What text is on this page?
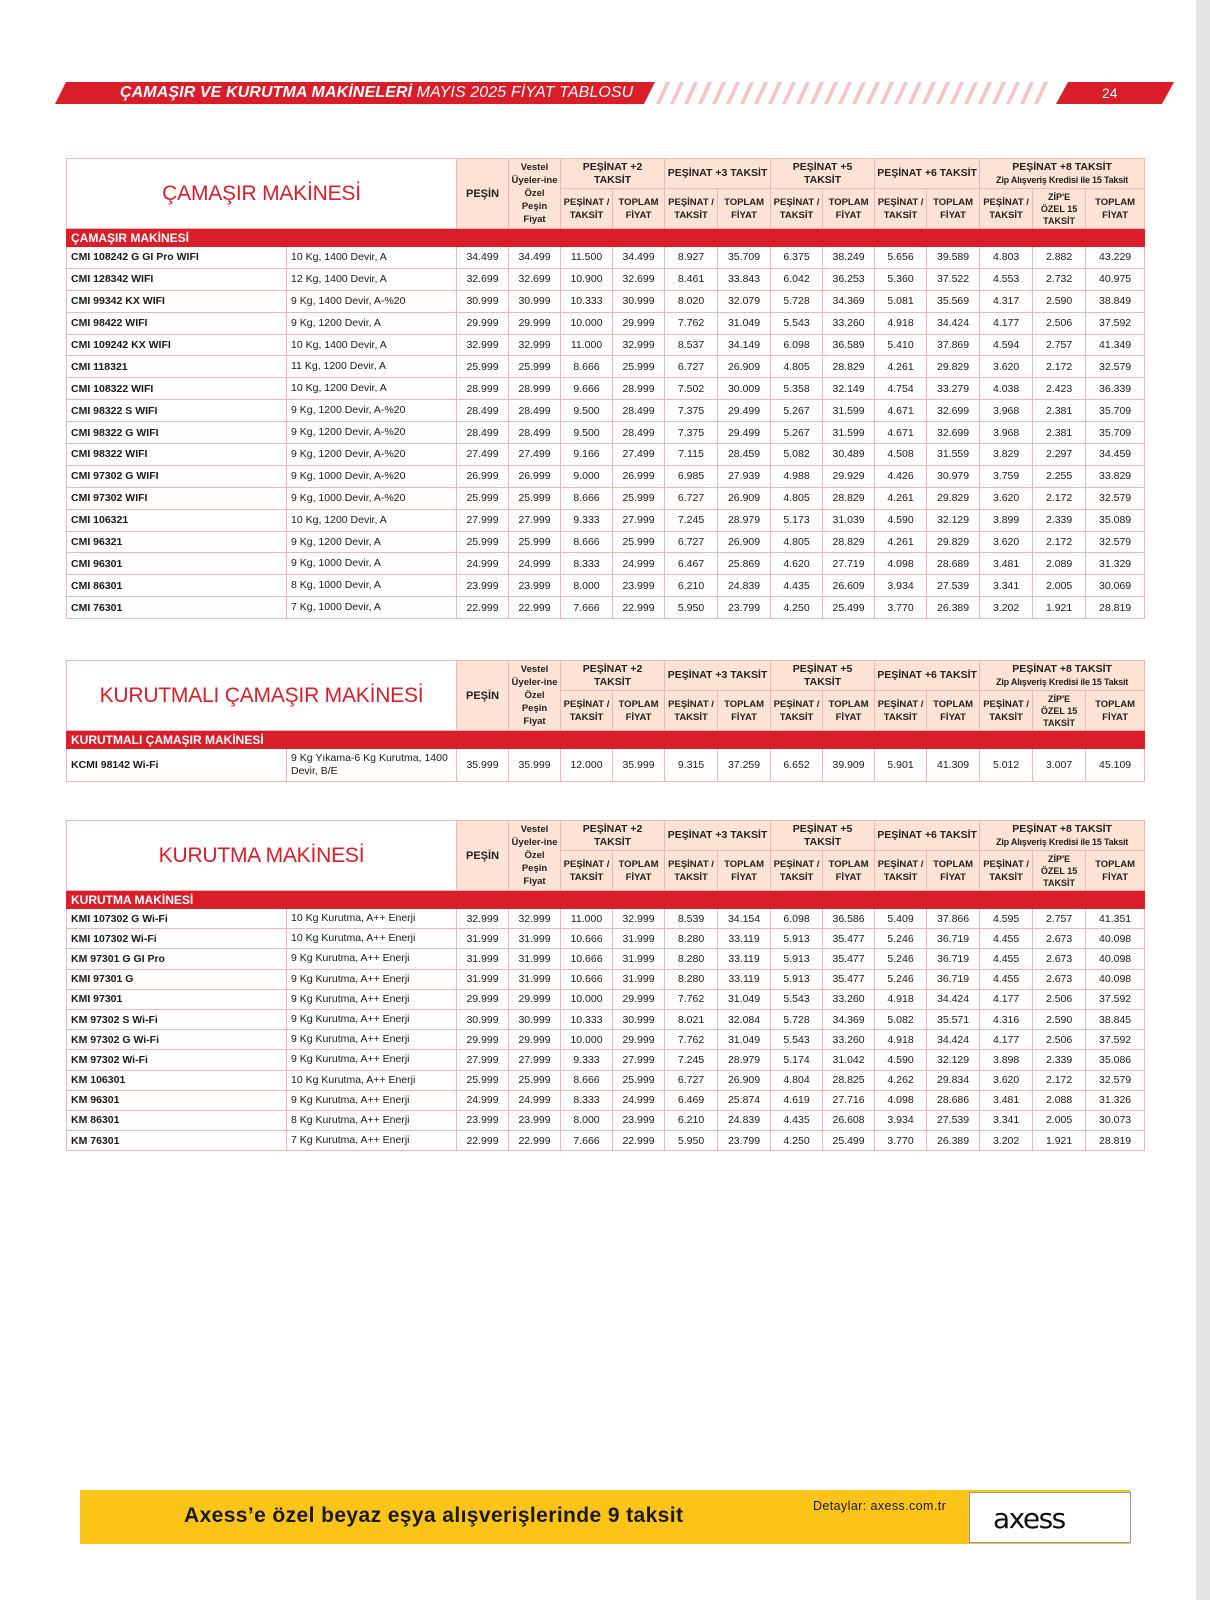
ÇAMAŞIR VE KURUTMA MAKİNELERİ MAYIS 2025 FİYAT TABLOSU	24
ÇAMAŞIR MAKİNESİ		PEŞİN	Vestel Üyeler-ine Özel Peşin Fiyat	PEŞİNAT +2 TAKSİT		PEŞİNAT +3 TAKSİT		PEŞİNAT +5 TAKSİT		PEŞİNAT +6 TAKSİT		PEŞİNAT +8 TAKSİT
Zip Alışveriş Kredisi ile 15 Taksit		

				PEŞİNAT / TAKSİT	TOPLAM FİYAT	PEŞİNAT / TAKSİT	TOPLAM FİYAT	PEŞİNAT / TAKSİT	TOPLAM FİYAT	PEŞİNAT / TAKSİT	TOPLAM FİYAT	PEŞİNAT / TAKSİT	ZİP'E ÖZEL 15 TAKSİT	TOPLAM FİYAT
ÇAMAŞIR MAKİNESİ														
CMI 108242 G GI Pro WIFI	10 Kg, 1400 Devir, A	34.499	34.499	11.500	34.499	8.927	35.709	6.375	38.249	5.656	39.589	4.803	2.882	43.229
CMI 128342 WIFI	12 Kg, 1400 Devir, A	32.699	32.699	10.900	32.699	8.461	33.843	6.042	36.253	5.360	37.522	4.553	2.732	40.975
CMI 99342 KX WIFI	9 Kg, 1400 Devir, A-%20	30.999	30.999	10.333	30.999	8.020	32.079	5.728	34.369	5.081	35.569	4.317	2.590	38.849
CMI 98422 WIFI	9 Kg, 1200 Devir, A	29.999	29.999	10.000	29.999	7.762	31.049	5.543	33.260	4.918	34.424	4.177	2.506	37.592
CMI 109242 KX WIFI	10 Kg, 1400 Devir, A	32.999	32.999	11.000	32.999	8.537	34.149	6.098	36.589	5.410	37.869	4.594	2.757	41.349
CMI 118321	11 Kg, 1200 Devir, A	25.999	25.999	8.666	25.999	6.727	26.909	4.805	28.829	4.261	29.829	3.620	2.172	32.579
CMI 108322 WIFI	10 Kg, 1200 Devir, A	28.999	28.999	9.666	28.999	7.502	30.009	5.358	32.149	4.754	33.279	4.038	2.423	36.339
CMI 98322 S WIFI	9 Kg, 1200 Devir, A-%20	28.499	28.499	9.500	28.499	7.375	29.499	5.267	31.599	4.671	32.699	3.968	2.381	35.709
CMI 98322 G WIFI	9 Kg, 1200 Devir, A-%20	28.499	28.499	9.500	28.499	7.375	29.499	5.267	31.599	4.671	32.699	3.968	2.381	35.709
CMI 98322 WIFI	9 Kg, 1200 Devir, A-%20	27.499	27.499	9.166	27.499	7.115	28.459	5.082	30.489	4.508	31.559	3.829	2.297	34.459
CMI 97302 G WIFI	9 Kg, 1000 Devir, A-%20	26.999	26.999	9.000	26.999	6.985	27.939	4.988	29.929	4.426	30.979	3.759	2.255	33.829
CMI 97302 WIFI	9 Kg, 1000 Devir, A-%20	25.999	25.999	8.666	25.999	6.727	26.909	4.805	28.829	4.261	29.829	3.620	2.172	32.579
CMI 106321	10 Kg, 1200 Devir, A	27.999	27.999	9.333	27.999	7.245	28.979	5.173	31.039	4.590	32.129	3.899	2.339	35.089
CMI 96321	9 Kg, 1200 Devir, A	25.999	25.999	8.666	25.999	6.727	26.909	4.805	28.829	4.261	29.829	3.620	2.172	32.579
CMI 96301	9 Kg, 1000 Devir, A	24.999	24.999	8.333	24.999	6.467	25.869	4.620	27.719	4.098	28.689	3.481	2.089	31.329
CMI 86301	8 Kg, 1000 Devir, A	23.999	23.999	8.000	23.999	6.210	24.839	4.435	26.609	3.934	27.539	3.341	2.005	30.069
CMI 76301	7 Kg, 1000 Devir, A	22.999	22.999	7.666	22.999	5.950	23.799	4.250	25.499	3.770	26.389	3.202	1.921	28.819
KURUTMALI ÇAMAŞIR MAKİNESİ		PEŞİN	Vestel Üyeler-ine Özel Peşin Fiyat	PEŞİNAT +2 TAKSİT		PEŞİNAT +3 TAKSİT		PEŞİNAT +5 TAKSİT		PEŞİNAT +6 TAKSİT		PEŞİNAT +8 TAKSİT
Zip Alışveriş Kredisi ile 15 Taksit		

				PEŞİNAT / TAKSİT	TOPLAM FİYAT	PEŞİNAT / TAKSİT	TOPLAM FİYAT	PEŞİNAT / TAKSİT	TOPLAM FİYAT	PEŞİNAT / TAKSİT	TOPLAM FİYAT	PEŞİNAT / TAKSİT	ZİP'E ÖZEL 15 TAKSİT	TOPLAM FİYAT
KURUTMALI ÇAMAŞIR MAKİNESİ														
KCMI 98142 Wi-Fi	9 Kg Yıkama-6 Kg Kurutma, 1400 Devir, B/E	35.999	35.999	12.000	35.999	9.315	37.259	6.652	39.909	5.901	41.309	5.012	3.007	45.109
KURUTMA MAKİNESİ		PEŞİN	Vestel Üyeler-ine Özel Peşin Fiyat	PEŞİNAT +2 TAKSİT		PEŞİNAT +3 TAKSİT		PEŞİNAT +5 TAKSİT		PEŞİNAT +6 TAKSİT		PEŞİNAT +8 TAKSİT
Zip Alışveriş Kredisi ile 15 Taksit		

				PEŞİNAT / TAKSİT	TOPLAM FİYAT	PEŞİNAT / TAKSİT	TOPLAM FİYAT	PEŞİNAT / TAKSİT	TOPLAM FİYAT	PEŞİNAT / TAKSİT	TOPLAM FİYAT	PEŞİNAT / TAKSİT	ZİP'E ÖZEL 15 TAKSİT	TOPLAM FİYAT
KURUTMA MAKİNESİ														
KMI 107302 G Wi-Fi	10 Kg Kurutma, A++ Enerji	32.999	32.999	11.000	32.999	8.539	34.154	6.098	36.586	5.409	37.866	4.595	2.757	41.351
KMI 107302 Wi-Fi	10 Kg Kurutma, A++ Enerji	31.999	31.999	10.666	31.999	8.280	33.119	5.913	35.477	5.246	36.719	4.455	2.673	40.098
KM 97301 G GI Pro	9 Kg Kurutma, A++ Enerji	31.999	31.999	10.666	31.999	8.280	33.119	5.913	35.477	5.246	36.719	4.455	2.673	40.098
KMI 97301 G	9 Kg Kurutma, A++ Enerji	31.999	31.999	10.666	31.999	8.280	33.119	5.913	35.477	5.246	36.719	4.455	2.673	40.098
KMI 97301	9 Kg Kurutma, A++ Enerji	29.999	29.999	10.000	29.999	7.762	31.049	5.543	33.260	4.918	34.424	4.177	2.506	37.592
KM 97302 S Wi-Fi	9 Kg Kurutma, A++ Enerji	30.999	30.999	10.333	30.999	8.021	32.084	5.728	34.369	5.082	35.571	4.316	2.590	38.845
KM 97302 G Wi-Fi	9 Kg Kurutma, A++ Enerji	29.999	29.999	10.000	29.999	7.762	31.049	5.543	33.260	4.918	34.424	4.177	2.506	37.592
KM 97302 Wi-Fi	9 Kg Kurutma, A++ Enerji	27.999	27.999	9.333	27.999	7.245	28.979	5.174	31.042	4.590	32.129	3.898	2.339	35.086
KM 106301	10 Kg Kurutma, A++ Enerji	25.999	25.999	8.666	25.999	6.727	26.909	4.804	28.825	4.262	29.834	3.620	2.172	32.579
KM 96301	9 Kg Kurutma, A++ Enerji	24.999	24.999	8.333	24.999	6.469	25.874	4.619	27.716	4.098	28.686	3.481	2.088	31.326
KM 86301	8 Kg Kurutma, A++ Enerji	23.999	23.999	8.000	23.999	6.210	24.839	4.435	26.608	3.934	27.539	3.341	2.005	30.073
KM 76301	7 Kg Kurutma, A++ Enerji	22.999	22.999	7.666	22.999	5.950	23.799	4.250	25.499	3.770	26.389	3.202	1.921	28.819
Axess’e özel beyaz eşya alışverişlerinde 9 taksit	Detaylar: axess.com.tr axess
